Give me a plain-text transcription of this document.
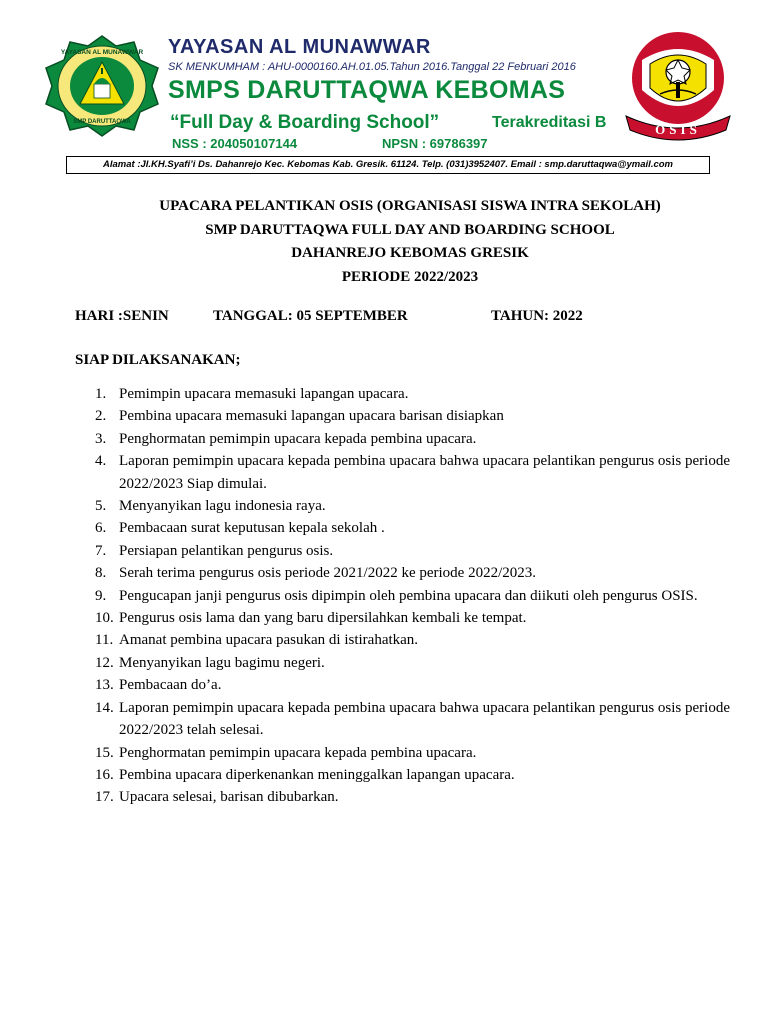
YAYASAN AL MUNAWWAR
SMP DARUTTAQWA
YAYASAN AL MUNAWWAR
SK MENKUMHAM : AHU-0000160.AH.01.05.Tahun 2016.Tanggal 22 Februari 2016
SMPS DARUTTAQWA KEBOMAS
“Full Day & Boarding School”	Terakreditasi B
NSS : 204050107144	NPSN : 69786397
OSIS
Alamat :Jl.KH.Syafi’i Ds. Dahanrejo Kec. Kebomas Kab. Gresik. 61124. Telp. (031)3952407. Email : smp.daruttaqwa@ymail.com
UPACARA PELANTIKAN OSIS (ORGANISASI SISWA INTRA SEKOLAH)
SMP DARUTTAQWA FULL DAY AND BOARDING SCHOOL
DAHANREJO KEBOMAS GRESIK
PERIODE 2022/2023
HARI :SENIN	TANGGAL: 05 SEPTEMBER	TAHUN: 2022
SIAP DILAKSANAKAN;
1. Pemimpin upacara memasuki lapangan upacara.
2. Pembina upacara memasuki lapangan upacara barisan disiapkan
3. Penghormatan pemimpin upacara kepada pembina upacara.
4. Laporan pemimpin upacara kepada pembina upacara bahwa upacara pelantikan pengurus osis periode 2022/2023 Siap dimulai.
5. Menyanyikan lagu indonesia raya.
6. Pembacaan surat keputusan kepala sekolah .
7. Persiapan pelantikan pengurus osis.
8. Serah terima pengurus osis periode 2021/2022 ke periode 2022/2023.
9. Pengucapan janji pengurus osis dipimpin oleh pembina upacara dan diikuti oleh pengurus OSIS.
10. Pengurus osis lama dan yang baru dipersilahkan kembali ke tempat.
11. Amanat pembina upacara pasukan di istirahatkan.
12. Menyanyikan lagu bagimu negeri.
13. Pembacaan do’a.
14. Laporan pemimpin upacara kepada pembina upacara bahwa upacara pelantikan pengurus osis periode 2022/2023 telah selesai.
15. Penghormatan pemimpin upacara kepada pembina upacara.
16. Pembina upacara diperkenankan meninggalkan lapangan upacara.
17. Upacara selesai, barisan dibubarkan.
